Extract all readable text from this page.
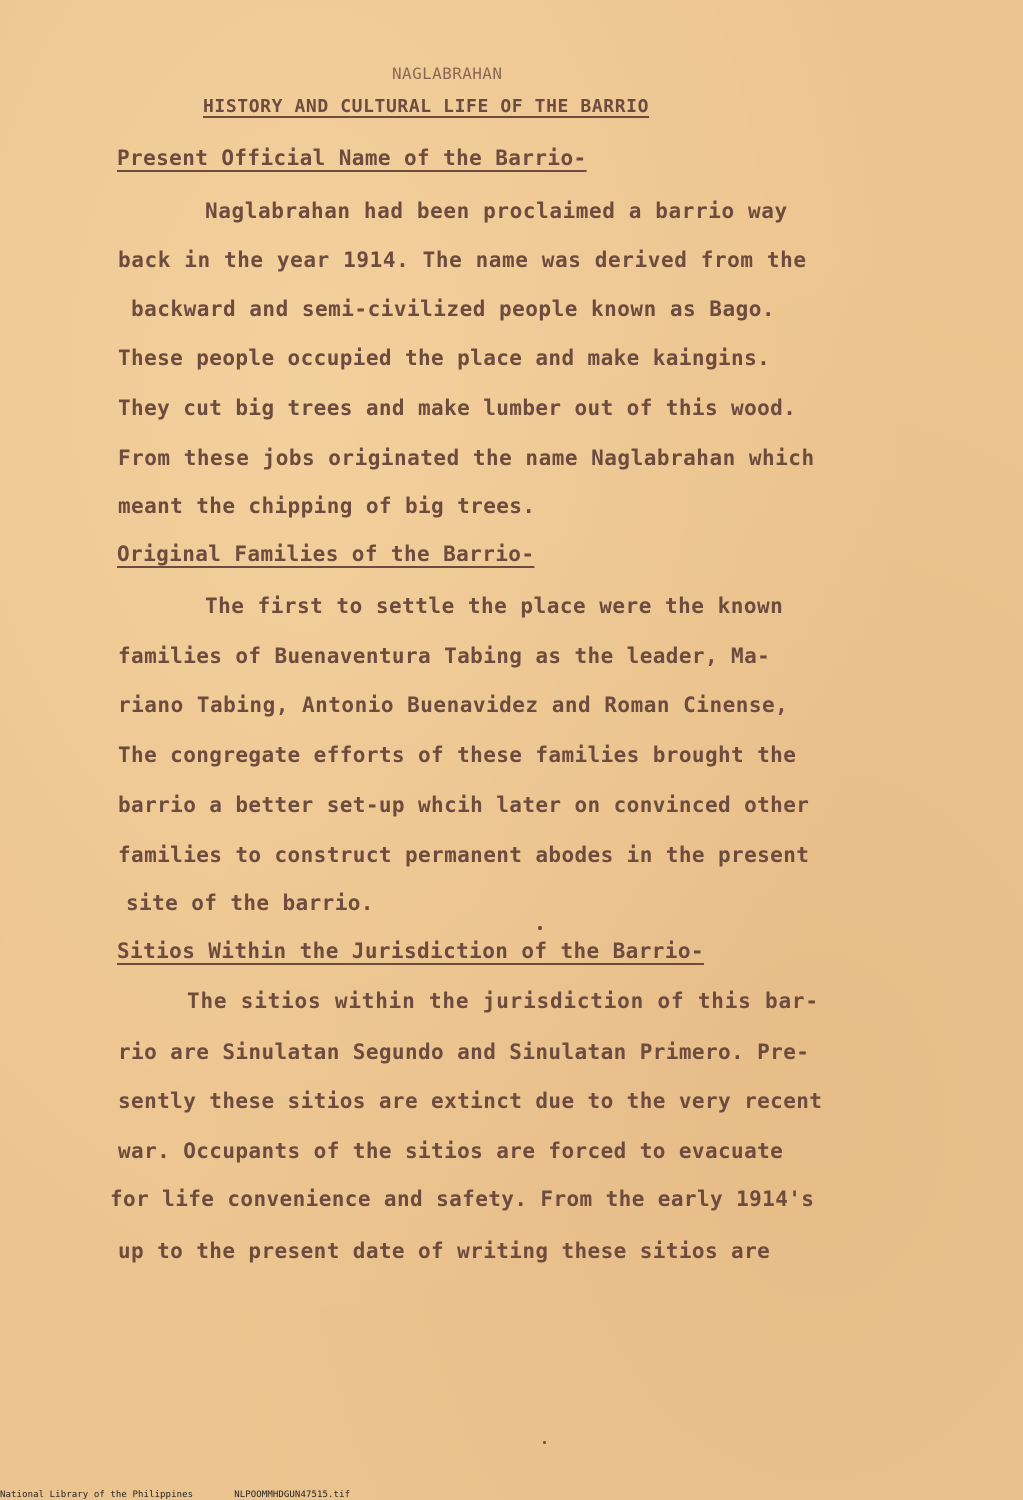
NAGLABRAHAN
HISTORY AND CULTURAL LIFE OF THE BARRIO
Present Official Name of the Barrio-
Naglabrahan had been proclaimed a barrio way
back in the year 1914. The name was derived from the
backward and semi-civilized people known as Bago.
These people occupied the place and make kaingins.
They cut big trees and make lumber out of this wood.
From these jobs originated the name Naglabrahan which
meant the chipping of big trees.
Original Families of the Barrio-
The first to settle the place were the known
families of Buenaventura Tabing as the leader, Ma-
riano Tabing, Antonio Buenavidez and Roman Cinense,
The congregate efforts of these families brought the
barrio a better set-up whcih later on convinced other
families to construct permanent abodes in the present
site of the barrio.
Sitios Within the Jurisdiction of the Barrio-
The sitios within the jurisdiction of this bar-
rio are Sinulatan Segundo and Sinulatan Primero. Pre-
sently these sitios are extinct due to the very recent
war. Occupants of the sitios are forced to evacuate
for life convenience and safety. From the early 1914's
up to the present date of writing these sitios are
National Library of the Philippines	NLPOOMMHDGUN47515.tif
